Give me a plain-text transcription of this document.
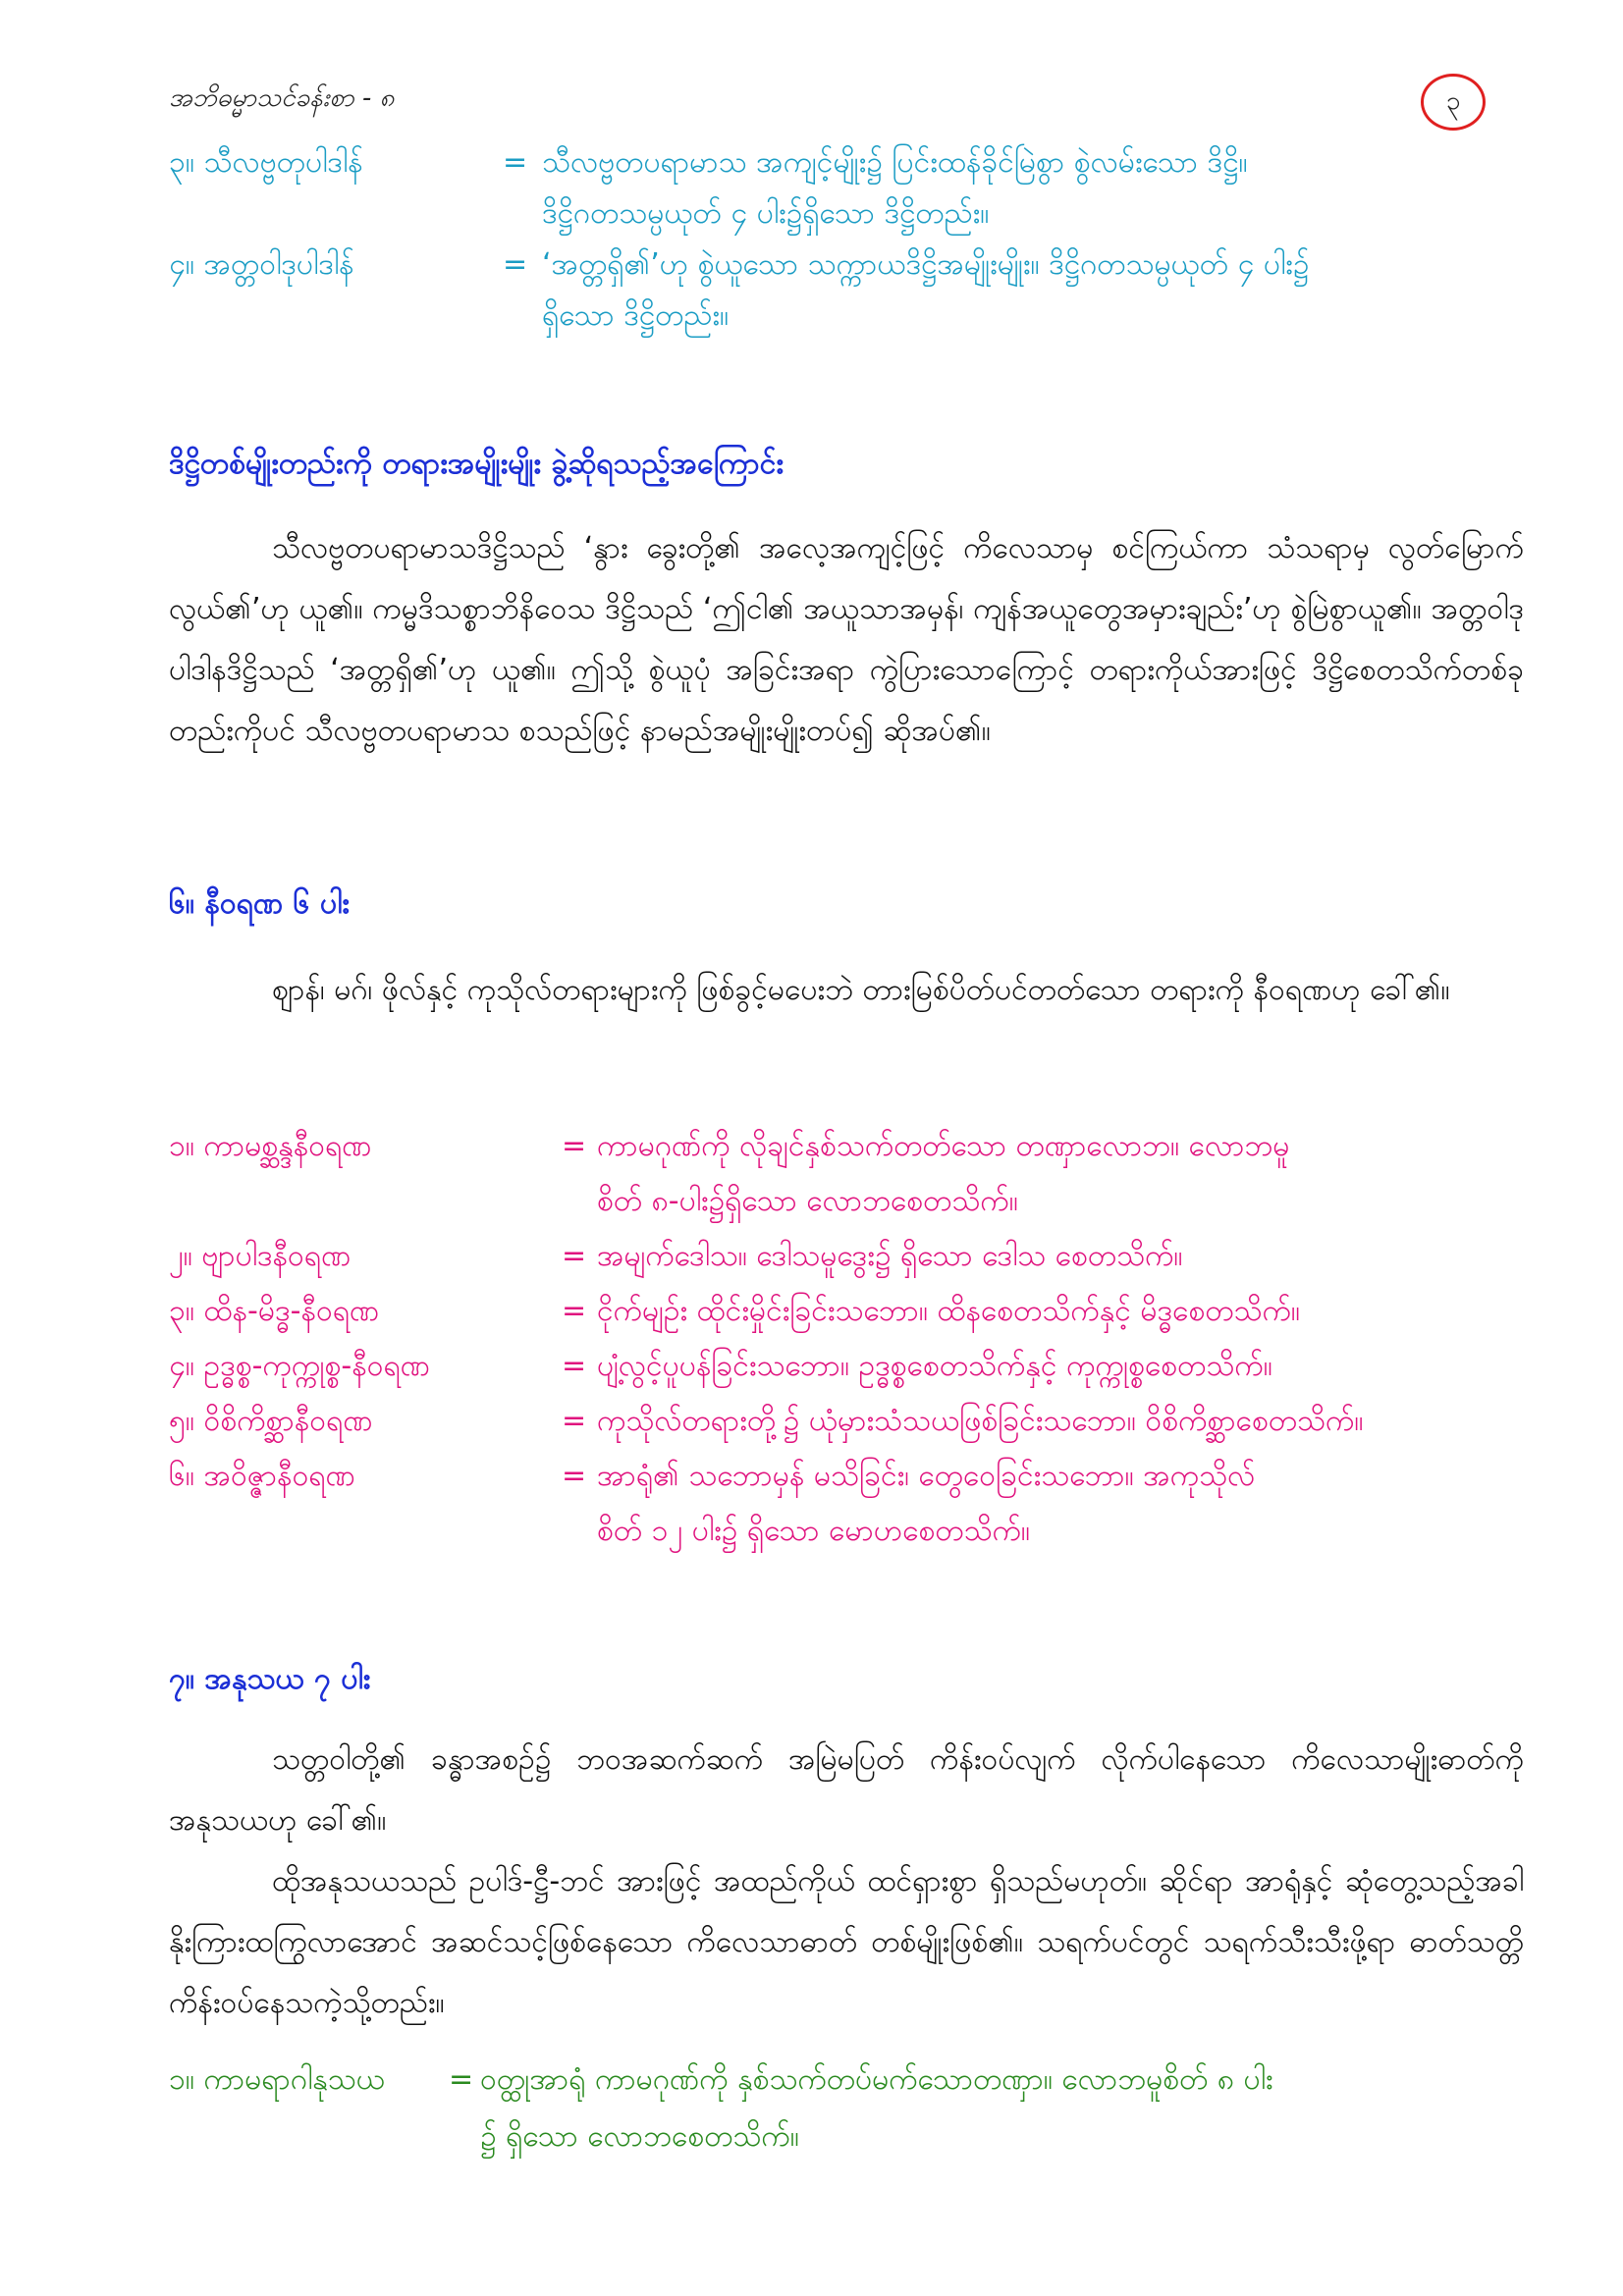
အဘိဓမ္မာသင်ခန်းစာ - ၈	၃
၃။ သီလဗ္ဗတုပါဒါန်	= သီလဗ္ဗတပရာမာသ အကျင့်မျိုး၌ ပြင်းထန်ခိုင်မြဲစွာ စွဲလမ်းသော ဒိဋ္ဌိ။
ဒိဋ္ဌိဂတသမ္ပယုတ် ၄ ပါး၌ရှိသော ဒိဋ္ဌိတည်း။
၄။ အတ္တဝါဒုပါဒါန်	= ‘အတ္တရှိ၏’ဟု စွဲယူသော သက္ကာယဒိဋ္ဌိအမျိုးမျိုး။ ဒိဋ္ဌိဂတသမ္ပယုတ် ၄ ပါး၌
ရှိသော ဒိဋ္ဌိတည်း။
ဒိဋ္ဌိတစ်မျိုးတည်းကို တရားအမျိုးမျိုး ခွဲ့ဆိုရသည့်အကြောင်း

သီလဗ္ဗတပရာမာသဒိဋ္ဌိသည် ‘နွား ခွေးတို့၏ အလေ့အကျင့်ဖြင့် ကိလေသာမှ စင်ကြယ်ကာ သံသရာမှ လွတ်မြောက်လွယ်၏’ဟု ယူ၏။ ကမ္မဒိသစ္စာဘိနိဝေသ ဒိဋ္ဌိသည် ‘ဤငါ၏ အယူသာအမှန်၊ ကျန်အယူတွေအမှားချည်း’ဟု စွဲမြဲစွာယူ၏။ အတ္တဝါဒုပါဒါနဒိဋ္ဌိသည် ‘အတ္တရှိ၏’ဟု ယူ၏။ ဤသို့ စွဲယူပုံ အခြင်းအရာ ကွဲပြားသောကြောင့် တရားကိုယ်အားဖြင့် ဒိဋ္ဌိစေတသိက်တစ်ခုတည်းကိုပင် သီလဗ္ဗတပရာမာသ စသည်ဖြင့် နာမည်အမျိုးမျိုးတပ်၍ ဆိုအပ်၏။

၆။ နီဝရဏ ၆ ပါး

ဈာန်၊ မဂ်၊ ဖိုလ်နှင့် ကုသိုလ်တရားများကို ဖြစ်ခွင့်မပေးဘဲ တားမြစ်ပိတ်ပင်တတ်သော တရားကို နီဝရဏဟု ခေါ်၏။

၁။ ကာမစ္ဆန္ဒနီဝရဏ	= ကာမဂုဏ်ကို လိုချင်နှစ်သက်တတ်သော တဏှာလောဘ။ လောဘမူ
စိတ် ၈-ပါး၌ရှိသော လောဘစေတသိက်။
၂။ ဗျာပါဒနီဝရဏ	= အမျက်ဒေါသ။ ဒေါသမူဒွေး၌ ရှိသော ဒေါသ စေတသိက်။
၃။ ထိန-မိဒ္ဓ-နီဝရဏ	= ငိုက်မျဉ်း ထိုင်းမှိုင်းခြင်းသဘော။ ထိနစေတသိက်နှင့် မိဒ္ဓစေတသိက်။
၄။ ဥဒ္ဓစ္စ-ကုက္ကုစ္စ-နီဝရဏ	= ပျံ့လွင့်ပူပန်ခြင်းသဘော။ ဥဒ္ဓစ္စစေတသိက်နှင့် ကုက္ကုစ္စစေတသိက်။
၅။ ဝိစိကိစ္ဆာနီဝရဏ	= ကုသိုလ်တရားတို့၌ ယုံမှားသံသယဖြစ်ခြင်းသဘော။ ဝိစိကိစ္ဆာစေတသိက်။
၆။ အဝိဇ္ဇာနီဝရဏ	= အာရုံ၏ သဘောမှန် မသိခြင်း၊ တွေဝေခြင်းသဘော။ အကုသိုလ်
စိတ် ၁၂ ပါး၌ ရှိသော မောဟစေတသိက်။
၇။ အနုသယ ၇ ပါး

သတ္တဝါတို့၏ ခန္ဓာအစဉ်၌ ဘဝအဆက်ဆက် အမြဲမပြတ် ကိန်းဝပ်လျက် လိုက်ပါနေသော ကိလေသာမျိုးဓာတ်ကို အနုသယဟု ခေါ်၏။

ထိုအနုသယသည် ဥပါဒ်-ဋ္ဌီ-ဘင် အားဖြင့် အထည်ကိုယ် ထင်ရှားစွာ ရှိသည်မဟုတ်။ ဆိုင်ရာ အာရုံနှင့် ဆုံတွေ့သည့်အခါ နိုးကြားထကြွလာအောင် အဆင်သင့်ဖြစ်နေသော ကိလေသာဓာတ် တစ်မျိုးဖြစ်၏။ သရက်ပင်တွင် သရက်သီးသီးဖို့ရာ ဓာတ်သတ္တိ ကိန်းဝပ်နေသကဲ့သို့တည်း။

၁။ ကာမရာဂါနုသယ	= ဝတ္ထုအာရုံ ကာမဂုဏ်ကို နှစ်သက်တပ်မက်သောတဏှာ။ လောဘမူစိတ် ၈ ပါး
၌ ရှိသော လောဘစေတသိက်။
